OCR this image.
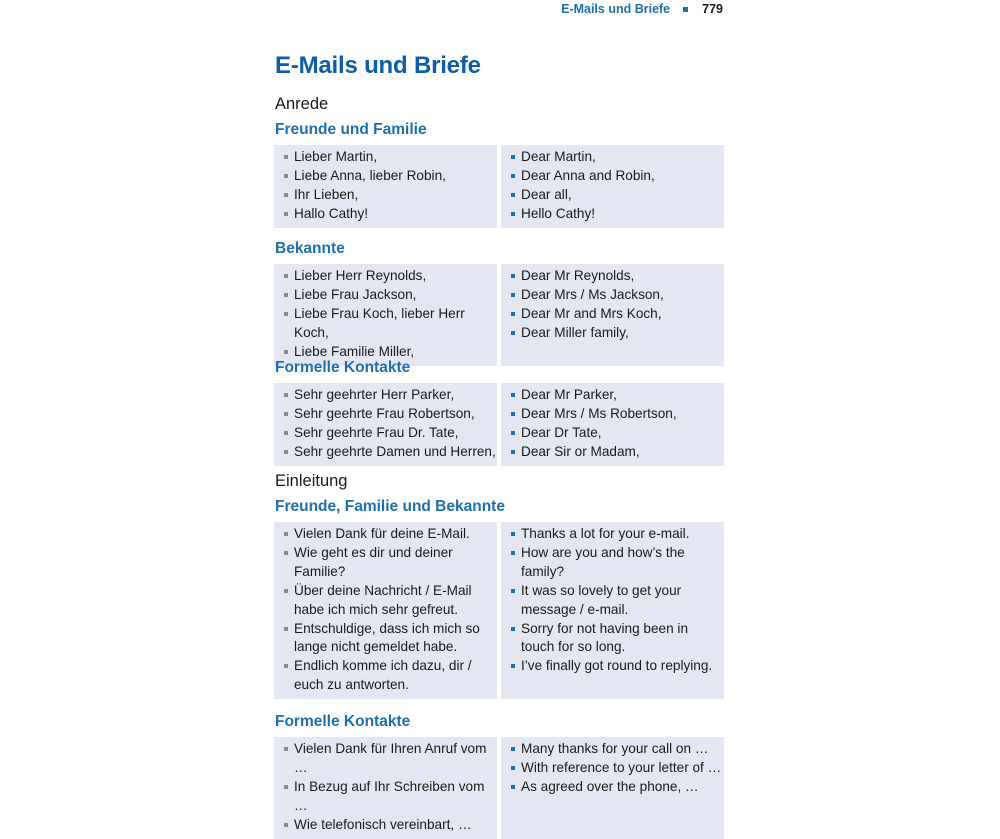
E-Mails und Briefe	779
E-Mails und Briefe
Anrede
Freunde und Familie
Lieber Martin,
Liebe Anna, lieber Robin,
Ihr Lieben,
Hallo Cathy!
Dear Martin,
Dear Anna and Robin,
Dear all,
Hello Cathy!
Bekannte
Lieber Herr Reynolds,
Liebe Frau Jackson,
Liebe Frau Koch, lieber Herr Koch,
Liebe Familie Miller,
Dear Mr Reynolds,
Dear Mrs / Ms Jackson,
Dear Mr and Mrs Koch,
Dear Miller family,
Formelle Kontakte
Sehr geehrter Herr Parker,
Sehr geehrte Frau Robertson,
Sehr geehrte Frau Dr. Tate,
Sehr geehrte Damen und Herren,
Dear Mr Parker,
Dear Mrs / Ms Robertson,
Dear Dr Tate,
Dear Sir or Madam,
Einleitung
Freunde, Familie und Bekannte
Vielen Dank für deine E-Mail.
Wie geht es dir und deiner Familie?
Über deine Nachricht / E-Mail habe ich mich sehr gefreut.
Entschuldige, dass ich mich so lange nicht gemeldet habe.
Endlich komme ich dazu, dir / euch zu antworten.
Thanks a lot for your e-mail.
How are you and how’s the family?
It was so lovely to get your message / e-mail.
Sorry for not having been in touch for so long.
I’ve finally got round to replying.
Formelle Kontakte
Vielen Dank für Ihren Anruf vom …
In Bezug auf Ihr Schreiben vom …
Wie telefonisch vereinbart, …
Many thanks for your call on …
With reference to your letter of …
As agreed over the phone, …
